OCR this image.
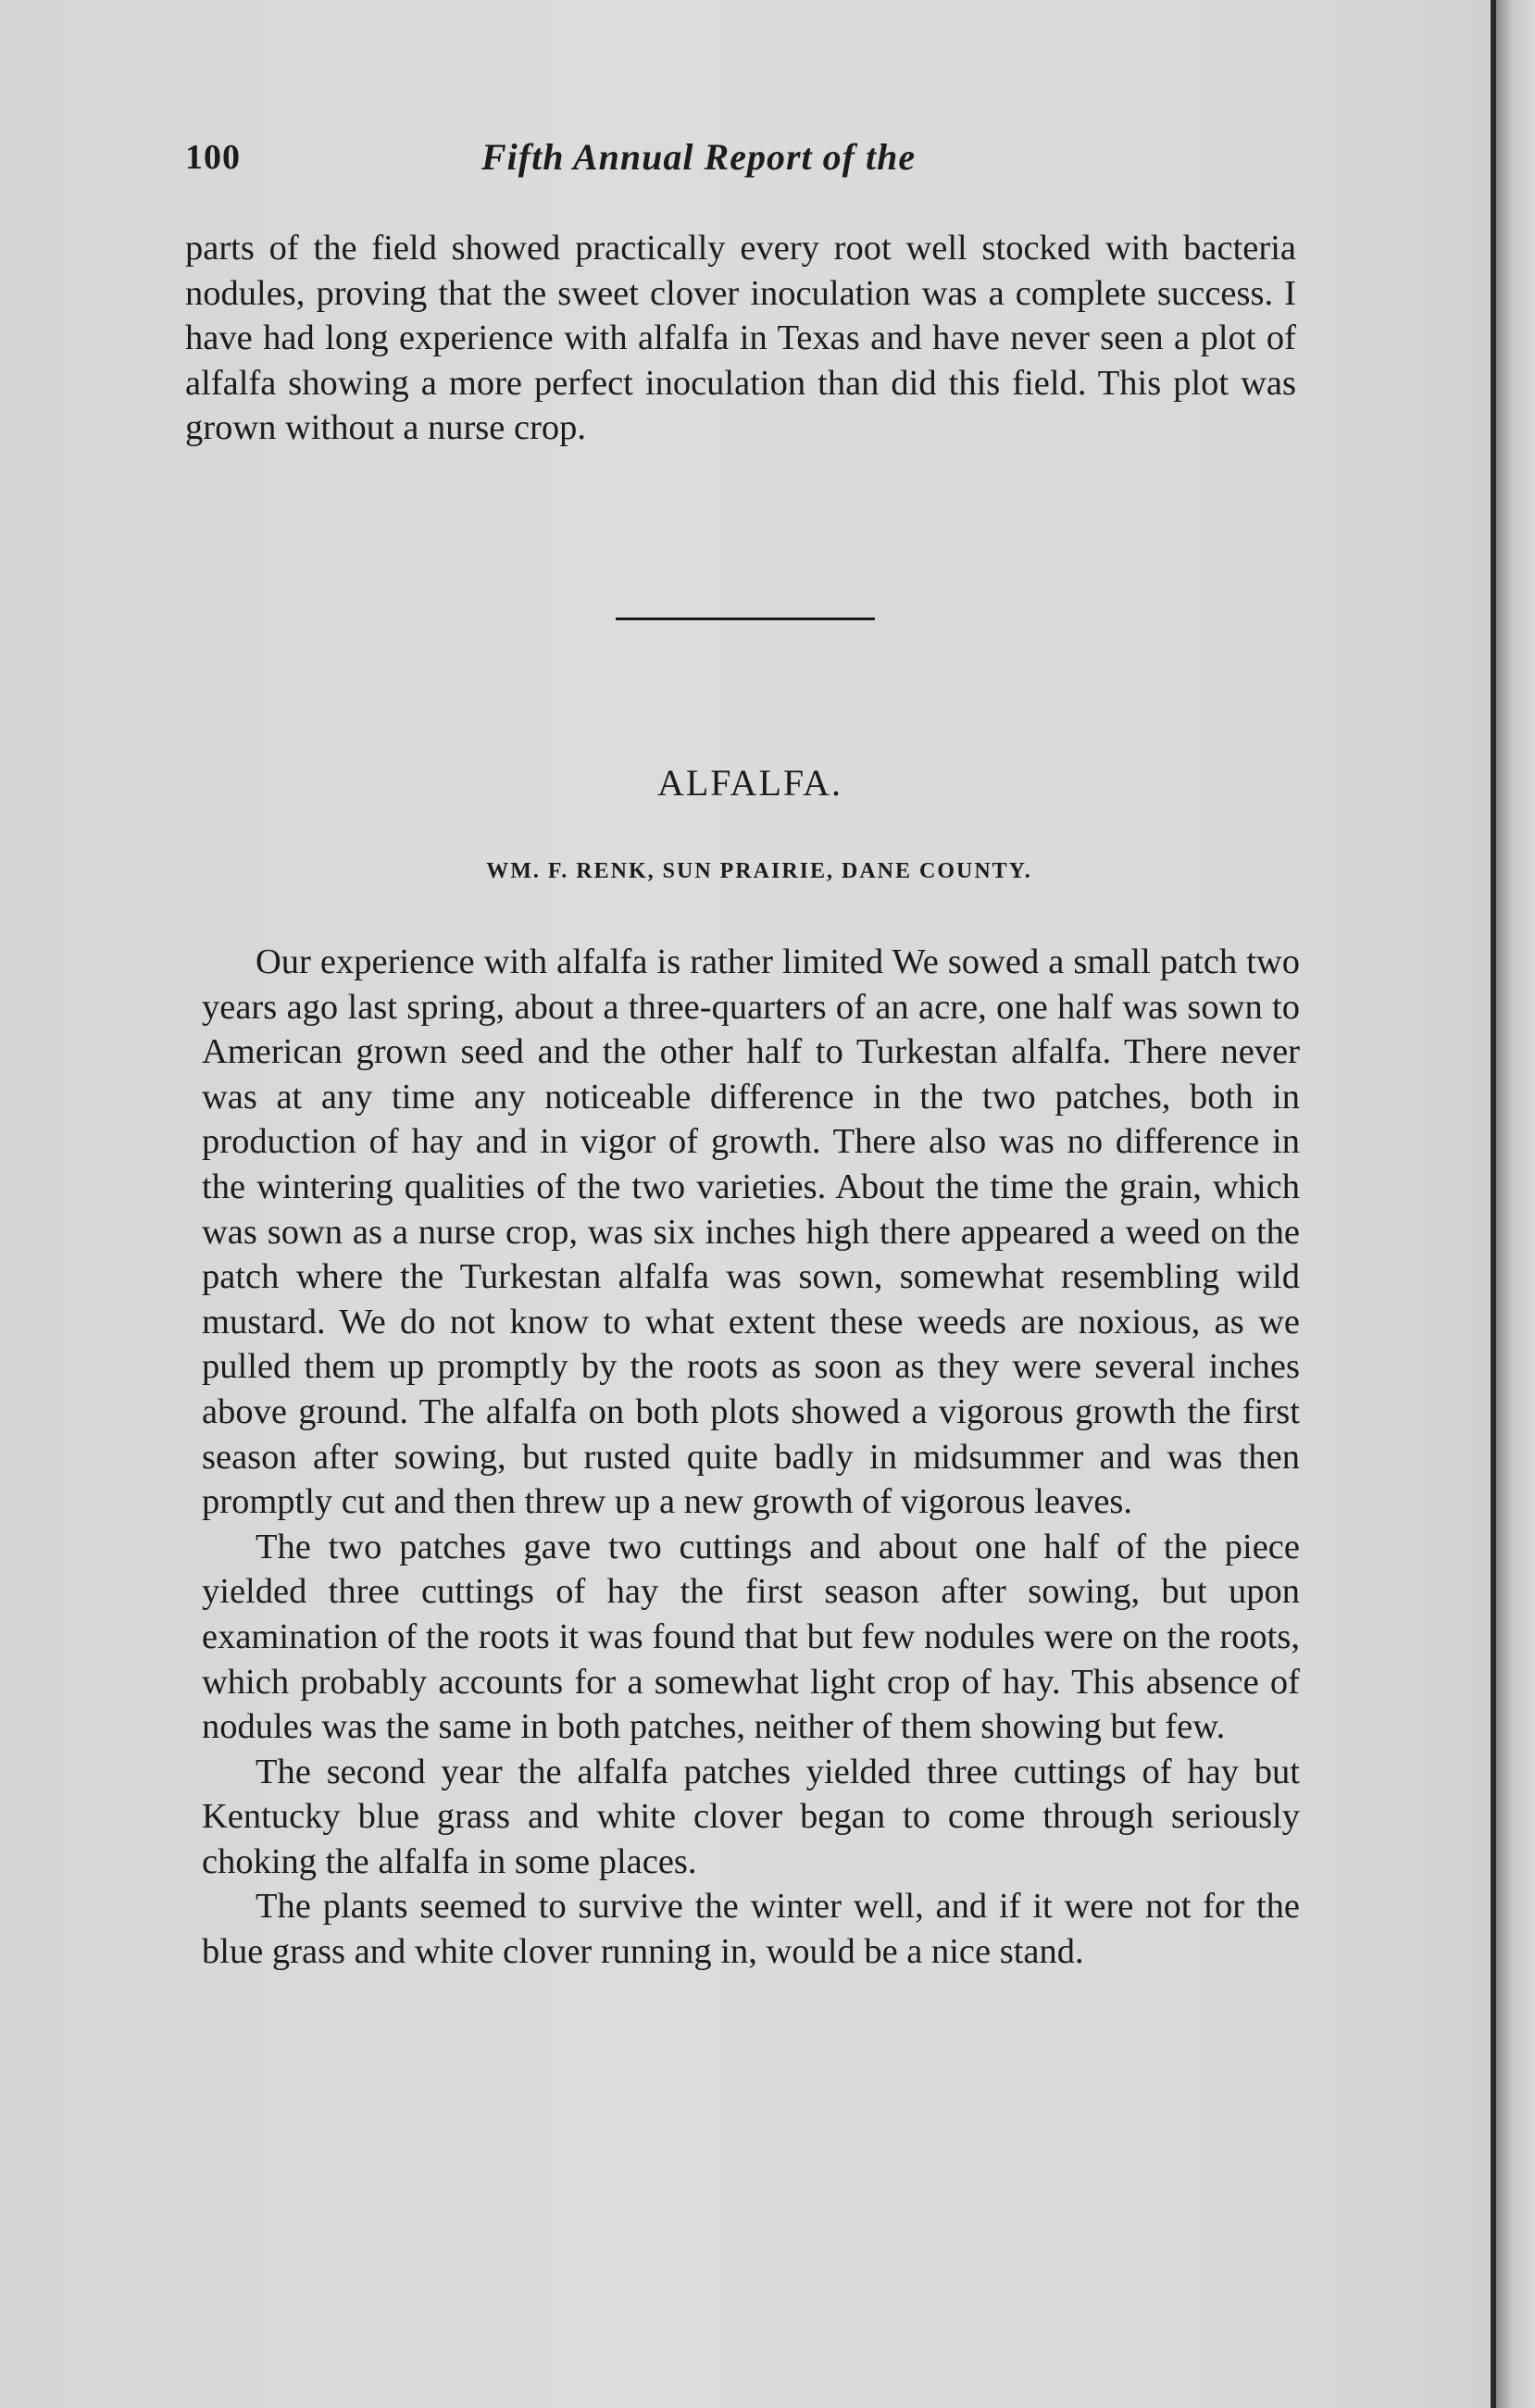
100	Fifth Annual Report of the

parts of the field showed practically every root well stocked with bacteria nodules, proving that the sweet clover inoculation was a complete success. I have had long experience with alfalfa in Texas and have never seen a plot of alfalfa showing a more perfect inoculation than did this field. This plot was grown without a nurse crop.

ALFALFA.
WM. F. RENK, SUN PRAIRIE, DANE COUNTY.

Our experience with alfalfa is rather limited We sowed a small patch two years ago last spring, about a three-quarters of an acre, one half was sown to American grown seed and the other half to Turkestan alfalfa. There never was at any time any noticeable difference in the two patches, both in production of hay and in vigor of growth. There also was no difference in the wintering qualities of the two varieties. About the time the grain, which was sown as a nurse crop, was six inches high there appeared a weed on the patch where the Turkestan alfalfa was sown, somewhat resembling wild mustard. We do not know to what extent these weeds are noxious, as we pulled them up promptly by the roots as soon as they were several inches above ground. The alfalfa on both plots showed a vigorous growth the first season after sowing, but rusted quite badly in midsummer and was then promptly cut and then threw up a new growth of vigorous leaves.

The two patches gave two cuttings and about one half of the piece yielded three cuttings of hay the first season after sowing, but upon examination of the roots it was found that but few nodules were on the roots, which probably accounts for a somewhat light crop of hay. This absence of nodules was the same in both patches, neither of them showing but few.

The second year the alfalfa patches yielded three cuttings of hay but Kentucky blue grass and white clover began to come through seriously choking the alfalfa in some places.

The plants seemed to survive the winter well, and if it were not for the blue grass and white clover running in, would be a nice stand.
